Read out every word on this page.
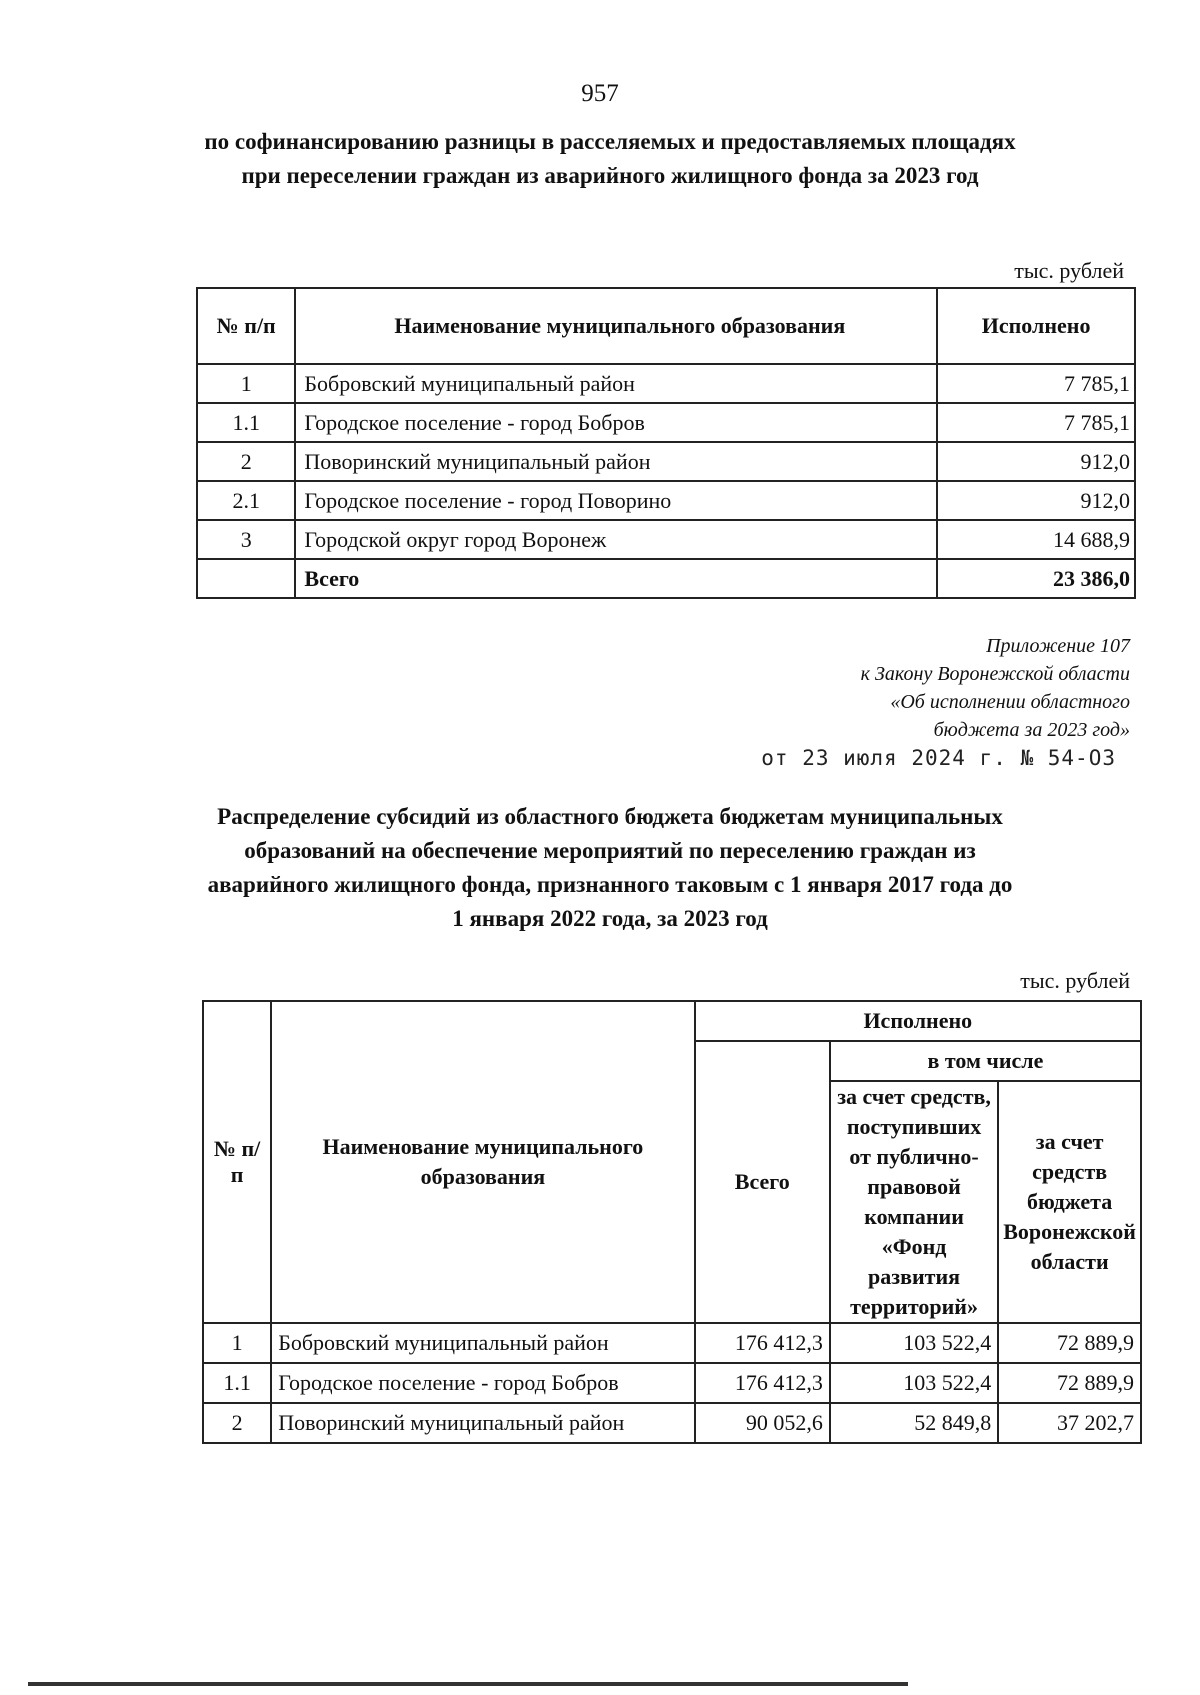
957
по софинансированию разницы в расселяемых и предоставляемых площадях при переселении граждан из аварийного жилищного фонда за 2023 год
тыс. рублей
№ п/п	Наименование муниципального образования	Исполнено
1	Бобровский муниципальный район	7 785,1
1.1	Городское поселение - город Бобров	7 785,1
2	Поворинский муниципальный район	912,0
2.1	Городское поселение - город Поворино	912,0
3	Городской округ город Воронеж	14 688,9
	Всего	23 386,0
Приложение 107
к Закону Воронежской области
«Об исполнении областного
бюджета за 2023 год»
от 23 июля 2024 г. № 54-ОЗ
Распределение субсидий из областного бюджета бюджетам муниципальных образований на обеспечение мероприятий по переселению граждан из аварийного жилищного фонда, признанного таковым с 1 января 2017 года до 1 января 2022 года, за 2023 год
тыс. рублей
№ п/п	Наименование муниципального образования	Исполнено		
		Всего	в том числе	
			за счет средств, поступивших от публично-правовой компании «Фонд развития территорий»	за счет средств бюджета Воронежской области
1	Бобровский муниципальный район	176 412,3	103 522,4	72 889,9
1.1	Городское поселение - город Бобров	176 412,3	103 522,4	72 889,9
2	Поворинский муниципальный район	90 052,6	52 849,8	37 202,7
